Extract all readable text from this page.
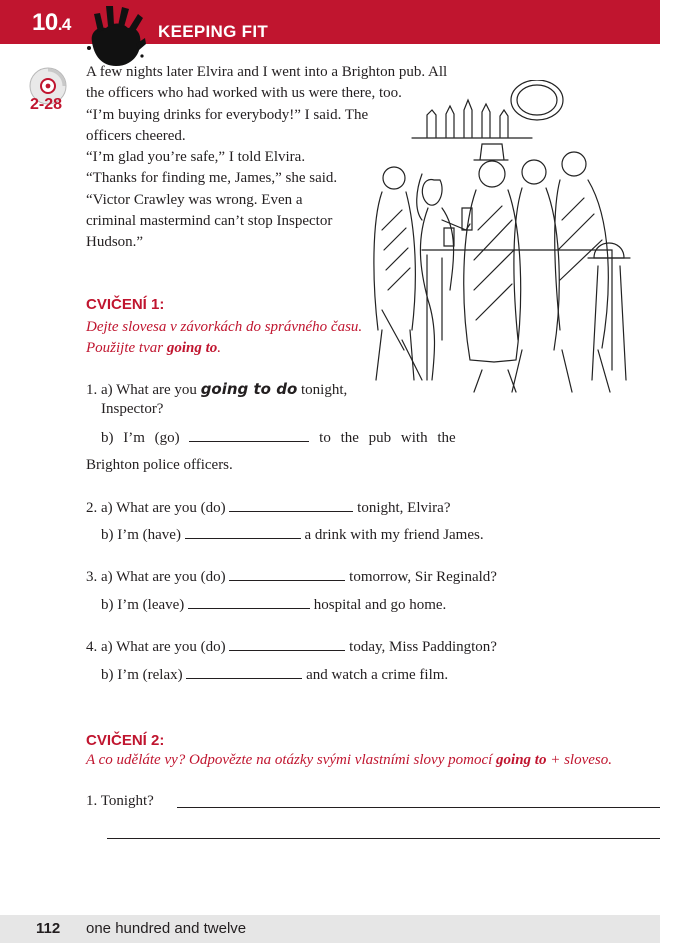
10.4	KEEPING FIT
2-28

A few nights later Elvira and I went into a Brighton pub. All

the officers who had worked with us were there, too.

“I’m buying drinks for everybody!” I said. The

officers cheered.

“I’m glad you’re safe,” I told Elvira.

“Thanks for finding me, James,” she said.

“Victor Crawley was wrong. Even a

criminal mastermind can’t stop Inspector

Hudson.”

CVIČENÍ 1:
Dejte slovesa v závorkách do správného času.
Použijte tvar going to.
1. a) What are you going to do tonight,
Inspector?
b) I’m (go)	to the pub with the
Brighton police officers.
2. a) What are you (do)	tonight, Elvira?
b) I’m (have)	a drink with my friend James.
3. a) What are you (do)	tomorrow, Sir Reginald?
b) I’m (leave)	hospital and go home.
4. a) What are you (do)	today, Miss Paddington?
b) I’m (relax)	and watch a crime film.
CVIČENÍ 2:
A co uděláte vy? Odpovězte na otázky svými vlastními slovy pomocí going to + sloveso.
1. Tonight?
112 one hundred and twelve
